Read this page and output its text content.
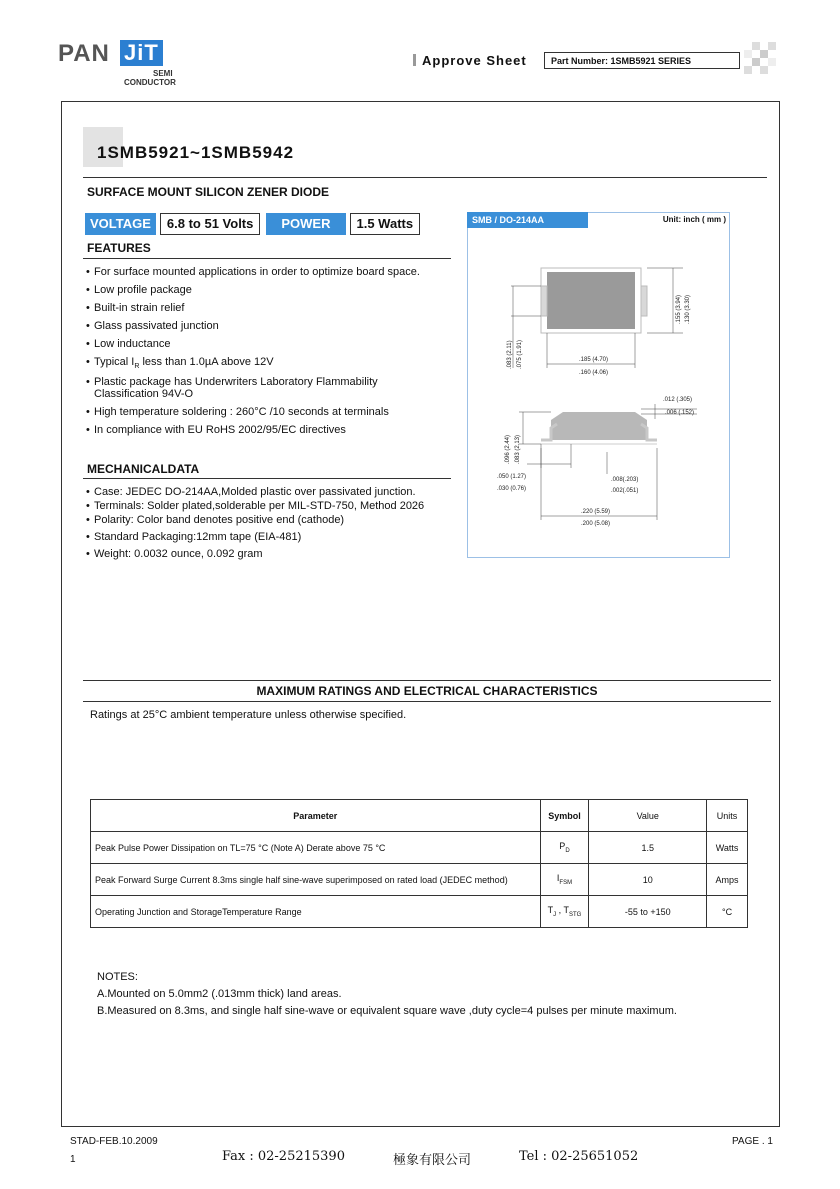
PAN JiT
SEMI
CONDUCTOR
Approve Sheet	Part Number: 1SMB5921 SERIES
1SMB5921~1SMB5942
SURFACE MOUNT SILICON ZENER DIODE
VOLTAGE	6.8 to 51 Volts	POWER	1.5 Watts
FEATURES
• For surface mounted applications in order to optimize board space.
• Low profile package
• Built-in strain relief
• Glass passivated junction
• Low inductance
• Typical $I_R$ less than 1.0µA above 12V
• Plastic package has Underwriters Laboratory Flammability Classification 94V-O
• High temperature soldering : 260°C /10 seconds at terminals
• In compliance with EU RoHS 2002/95/EC directives
MECHANICALDATA
• Case: JEDEC DO-214AA,Molded plastic over passivated junction.
• Terminals: Solder plated,solderable per MIL-STD-750, Method 2026
• Polarity: Color band denotes positive end (cathode)
• Standard Packaging:12mm tape (EIA-481)
• Weight: 0.0032 ounce, 0.092 gram
SMB / DO-214AA	Unit: inch ( mm )
.155 (3.94) .130 (3.30)
.083 (2.11) .075 (1.91)	.185 (4.70)
.160 (4.06)
.012 (.305)
.006 (.152)
.096 (2.44) .083 (2.13)
.050 (1.27)
.030 (0.76)
.008(.203)
.002(.051)
.220 (5.59)
.200 (5.08)
MAXIMUM RATINGS AND ELECTRICAL CHARACTERISTICS
Ratings at 25°C ambient temperature unless otherwise specified.
Parameter	Symbol	Value	Units
Peak Pulse Power Dissipation on TL=75 °C (Note A) Derate above 75 °C	$P_D$	1.5	Watts
Peak Forward Surge Current 8.3ms single half sine-wave superimposed on rated load (JEDEC method)	$I_{FSM}$	10	Amps
Operating Junction and StorageTemperature Range	$T_J$ , $T_{STG}$	-55 to +150	°C
NOTES:
A.Mounted on 5.0mm2 (.013mm thick) land areas.
B.Measured on 8.3ms, and single half sine-wave or equivalent square wave ,duty cycle=4 pulses per minute maximum.
STAD-FEB.10.2009
1
PAGE . 1
Fax : 02-25215390	極象有限公司	Tel : 02-25651052
